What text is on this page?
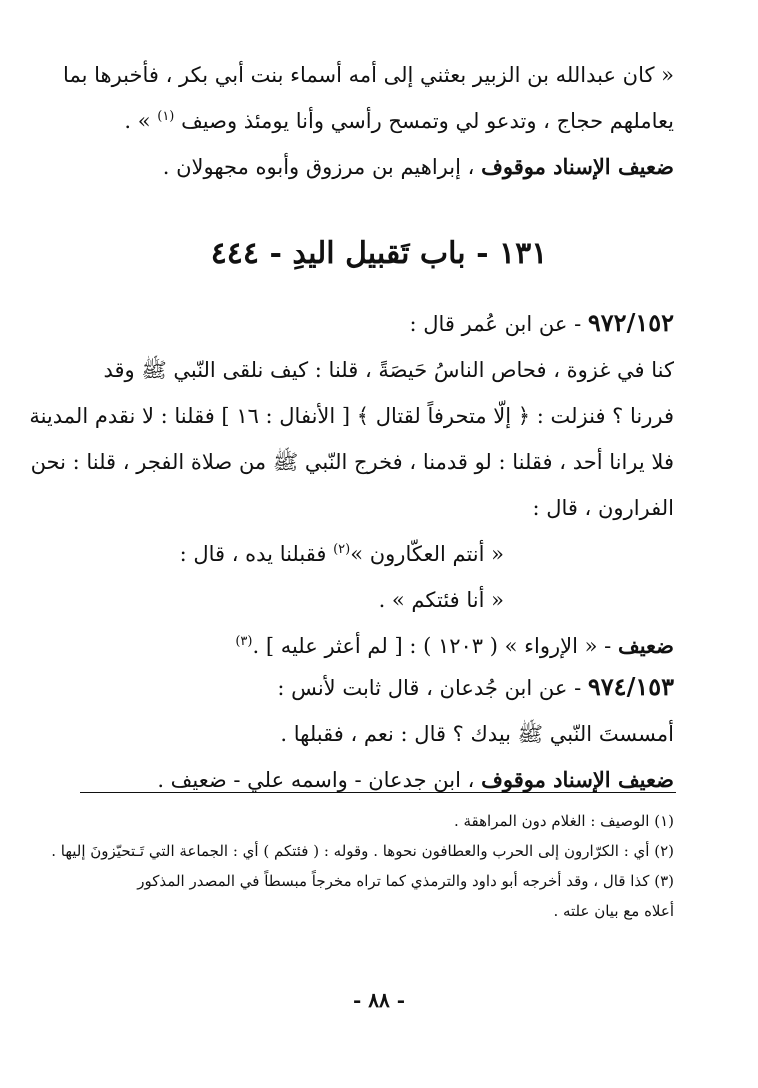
« كان عبدالله بن الزبير بعثني إلى أمه أسماء بنت أبي بكر ، فأخبرها بما
يعاملهم حجاج ، وتدعو لي وتمسح رأسي وأنا يومئذ وصيف $^{(١)}$ » .
ضعيف الإسناد موقوف ، إبراهيم بن مرزوق وأبوه مجهولان .
١٣١ - باب تَقبيل اليدِ - ٤٤٤
٩٧٢/١٥٢ - عن ابن عُمر قال :
كنا في غزوة ، فحاص الناسُ حَيصَةً ، قلنا : كيف نلقى النّبي ﷺ وقد
فررنا ؟ فنزلت : ﴿ إلّا متحرفاً لقتال ﴾ [ الأنفال : ١٦ ] فقلنا : لا نقدم المدينة
فلا يرانا أحد ، فقلنا : لو قدمنا ، فخرج النّبي ﷺ من صلاة الفجر ، قلنا : نحن
الفرارون ، قال :
« أنتم العكّارون »$^{(٢)}$ فقبلنا يده ، قال :
« أنا فئتكم » .
ضعيف - « الإرواء » ( ١٢٠٣ ) : [ لم أعثر عليه ] .$^{(٣)}$
٩٧٤/١٥٣ - عن ابن جُدعان ، قال ثابت لأنس :
أمسستَ النّبي ﷺ بيدك ؟ قال : نعم ، فقبلها .
ضعيف الإسناد موقوف ، ابن جدعان - واسمه علي - ضعيف .
(١) الوصيف : الغلام دون المراهقة .
(٢) أي : الكرّارون إلى الحرب والعطافون نحوها . وقوله : ( فئتكم ) أي : الجماعة التي تَـتحيّزونَ إليها .
(٣) كذا قال ، وقد أخرجه أبو داود والترمذي كما تراه مخرجاً مبسطاً في المصدر المذكور
أعلاه مع بيان علته .
- ٨٨ -
